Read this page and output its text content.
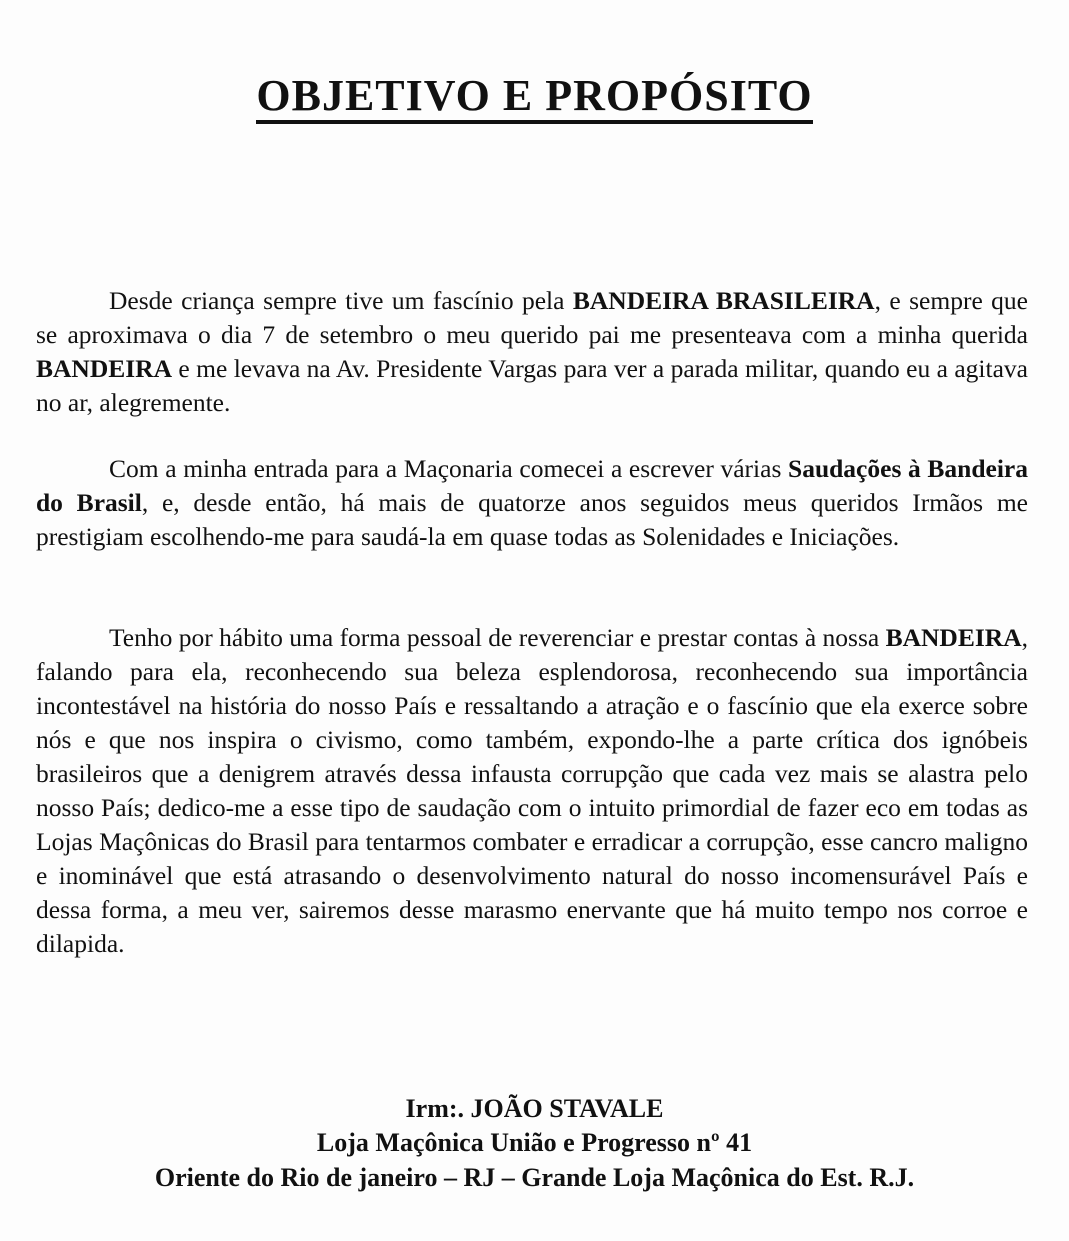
OBJETIVO E PROPÓSITO

Desde criança sempre tive um fascínio pela BANDEIRA BRASILEIRA, e sempre que se aproximava o dia 7 de setembro o meu querido pai me presenteava com a minha querida BANDEIRA e me levava na Av. Presidente Vargas para ver a parada militar, quando eu a agitava no ar, alegremente.

Com a minha entrada para a Maçonaria comecei a escrever várias Saudações à Bandeira do Brasil, e, desde então, há mais de quatorze anos seguidos meus queridos Irmãos me prestigiam escolhendo-me para saudá-la em quase todas as Solenidades e Iniciações.

Tenho por hábito uma forma pessoal de reverenciar e prestar contas à nossa BANDEIRA, falando para ela, reconhecendo sua beleza esplendorosa, reconhecendo sua importância incontestável na história do nosso País e ressaltando a atração e o fascínio que ela exerce sobre nós e que nos inspira o civismo, como também, expondo-lhe a parte crítica dos ignóbeis brasileiros que a denigrem através dessa infausta corrupção que cada vez mais se alastra pelo nosso País; dedico-me a esse tipo de saudação com o intuito primordial de fazer eco em todas as Lojas Maçônicas do Brasil para tentarmos combater e erradicar a corrupção, esse cancro maligno e inominável que está atrasando o desenvolvimento natural do nosso incomensurável País e dessa forma, a meu ver, sairemos desse marasmo enervante que há muito tempo nos corroe e dilapida.

Irm:. JOÃO STAVALE
Loja Maçônica União e Progresso nº 41
Oriente do Rio de janeiro – RJ – Grande Loja Maçônica do Est. R.J.
